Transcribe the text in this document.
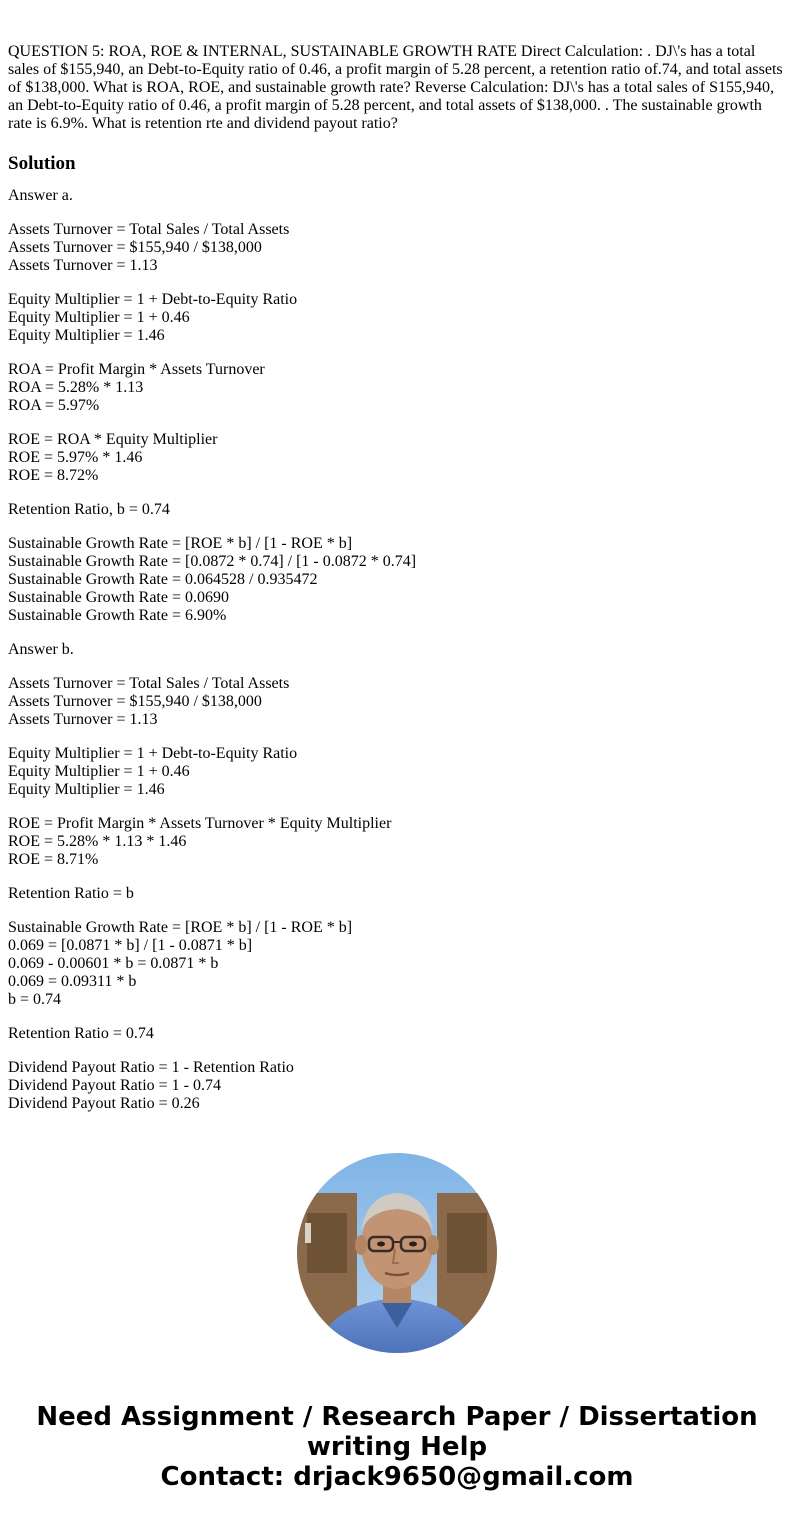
QUESTION 5: ROA, ROE & INTERNAL, SUSTAINABLE GROWTH RATE Direct Calculation: . DJ\'s has a total sales of $155,940, an Debt-to-Equity ratio of 0.46, a profit margin of 5.28 percent, a retention ratio of.74, and total assets of $138,000. What is ROA, ROE, and sustainable growth rate? Reverse Calculation: DJ\'s has a total sales of S155,940, an Debt-to-Equity ratio of 0.46, a profit margin of 5.28 percent, and total assets of $138,000. . The sustainable growth rate is 6.9%. What is retention rte and dividend payout ratio?

Solution

Answer a.

Assets Turnover = Total Sales / Total Assets
Assets Turnover = $155,940 / $138,000
Assets Turnover = 1.13

Equity Multiplier = 1 + Debt-to-Equity Ratio
Equity Multiplier = 1 + 0.46
Equity Multiplier = 1.46

ROA = Profit Margin * Assets Turnover
ROA = 5.28% * 1.13
ROA = 5.97%

ROE = ROA * Equity Multiplier
ROE = 5.97% * 1.46
ROE = 8.72%

Retention Ratio, b = 0.74

Sustainable Growth Rate = [ROE * b] / [1 - ROE * b]
Sustainable Growth Rate = [0.0872 * 0.74] / [1 - 0.0872 * 0.74]
Sustainable Growth Rate = 0.064528 / 0.935472
Sustainable Growth Rate = 0.0690
Sustainable Growth Rate = 6.90%

Answer b.

Assets Turnover = Total Sales / Total Assets
Assets Turnover = $155,940 / $138,000
Assets Turnover = 1.13

Equity Multiplier = 1 + Debt-to-Equity Ratio
Equity Multiplier = 1 + 0.46
Equity Multiplier = 1.46

ROE = Profit Margin * Assets Turnover * Equity Multiplier
ROE = 5.28% * 1.13 * 1.46
ROE = 8.71%

Retention Ratio = b

Sustainable Growth Rate = [ROE * b] / [1 - ROE * b]
0.069 = [0.0871 * b] / [1 - 0.0871 * b]
0.069 - 0.00601 * b = 0.0871 * b
0.069 = 0.09311 * b
b = 0.74

Retention Ratio = 0.74

Dividend Payout Ratio = 1 - Retention Ratio
Dividend Payout Ratio = 1 - 0.74
Dividend Payout Ratio = 0.26

Need Assignment / Research Paper / Dissertation
writing Help
Contact: drjack9650@gmail.com
